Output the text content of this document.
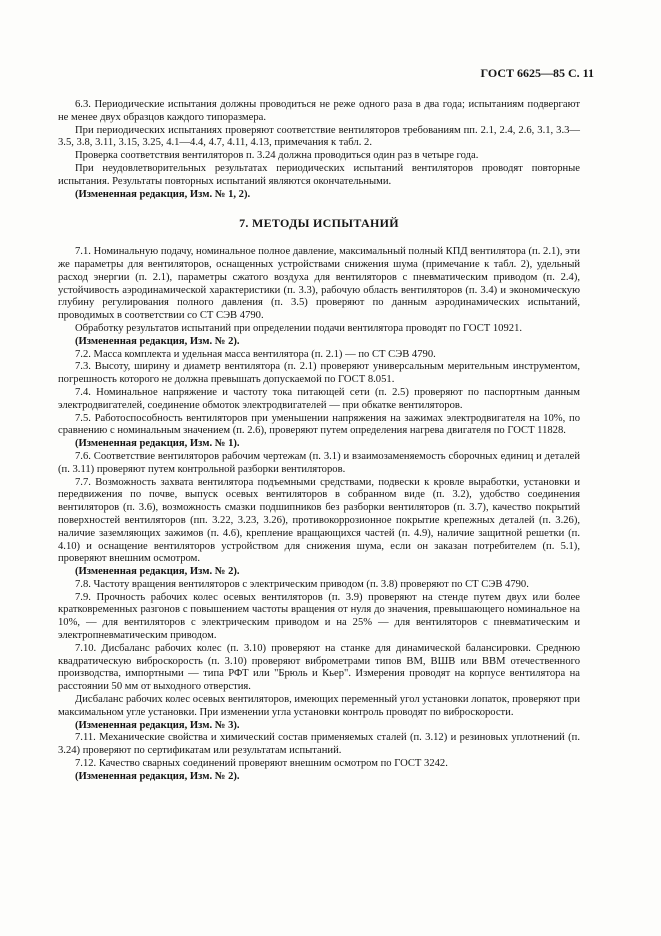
ГОСТ 6625—85 С. 11

6.3. Периодические испытания должны проводиться не реже одного раза в два года; испытаниям подвергают не менее двух образцов каждого типоразмера.

При периодических испытаниях проверяют соответствие вентиляторов требованиям пп. 2.1, 2.4, 2.6, 3.1, 3.3—3.5, 3.8, 3.11, 3.15, 3.25, 4.1—4.4, 4.7, 4.11, 4.13, примечания к табл. 2.

Проверка соответствия вентиляторов п. 3.24 должна проводиться один раз в четыре года.

При неудовлетворительных результатах периодических испытаний вентиляторов проводят повторные испытания. Результаты повторных испытаний являются окончательными.

(Измененная редакция, Изм. № 1, 2).

7. МЕТОДЫ ИСПЫТАНИЙ

7.1. Номинальную подачу, номинальное полное давление, максимальный полный КПД вентилятора (п. 2.1), эти же параметры для вентиляторов, оснащенных устройствами снижения шума (примечание к табл. 2), удельный расход энергии (п. 2.1), параметры сжатого воздуха для вентиляторов с пневматическим приводом (п. 2.4), устойчивость аэродинамической характеристики (п. 3.3), рабочую область вентиляторов (п. 3.4) и экономическую глубину регулирования полного давления (п. 3.5) проверяют по данным аэродинамических испытаний, проводимых в соответствии со СТ СЭВ 4790.

Обработку результатов испытаний при определении подачи вентилятора проводят по ГОСТ 10921.

(Измененная редакция, Изм. № 2).

7.2. Масса комплекта и удельная масса вентилятора (п. 2.1) — по СТ СЭВ 4790.

7.3. Высоту, ширину и диаметр вентилятора (п. 2.1) проверяют универсальным мерительным инструментом, погрешность которого не должна превышать допускаемой по ГОСТ 8.051.

7.4. Номинальное напряжение и частоту тока питающей сети (п. 2.5) проверяют по паспортным данным электродвигателей, соединение обмоток электродвигателей — при обкатке вентиляторов.

7.5. Работоспособность вентиляторов при уменьшении напряжения на зажимах электродвигателя на 10%, по сравнению с номинальным значением (п. 2.6), проверяют путем определения нагрева двигателя по ГОСТ 11828.

(Измененная редакция, Изм. № 1).

7.6. Соответствие вентиляторов рабочим чертежам (п. 3.1) и взаимозаменяемость сборочных единиц и деталей (п. 3.11) проверяют путем контрольной разборки вентиляторов.

7.7. Возможность захвата вентилятора подъемными средствами, подвески к кровле выработки, установки и передвижения по почве, выпуск осевых вентиляторов в собранном виде (п. 3.2), удобство соединения вентиляторов (п. 3.6), возможность смазки подшипников без разборки вентиляторов (п. 3.7), качество покрытий поверхностей вентиляторов (пп. 3.22, 3.23, 3.26), противокоррозионное покрытие крепежных деталей (п. 3.26), наличие заземляющих зажимов (п. 4.6), крепление вращающихся частей (п. 4.9), наличие защитной решетки (п. 4.10) и оснащение вентиляторов устройством для снижения шума, если он заказан потребителем (п. 5.1), проверяют внешним осмотром.

(Измененная редакция, Изм. № 2).

7.8. Частоту вращения вентиляторов с электрическим приводом (п. 3.8) проверяют по СТ СЭВ 4790.

7.9. Прочность рабочих колес осевых вентиляторов (п. 3.9) проверяют на стенде путем двух или более кратковременных разгонов с повышением частоты вращения от нуля до значения, превышающего номинальное на 10%, — для вентиляторов с электрическим приводом и на 25% — для вентиляторов с пневматическим и электропневматическим приводом.

7.10. Дисбаланс рабочих колес (п. 3.10) проверяют на станке для динамической балансировки. Среднюю квадратическую виброскорость (п. 3.10) проверяют виброметрами типов ВМ, ВШВ или ВВМ отечественного производства, импортными — типа РФТ или "Брюль и Кьер". Измерения проводят на корпусе вентилятора на расстоянии 50 мм от выходного отверстия.

Дисбаланс рабочих колес осевых вентиляторов, имеющих переменный угол установки лопаток, проверяют при максимальном угле установки. При изменении угла установки контроль проводят по виброскорости.

(Измененная редакция, Изм. № 3).

7.11. Механические свойства и химический состав применяемых сталей (п. 3.12) и резиновых уплотнений (п. 3.24) проверяют по сертификатам или результатам испытаний.

7.12. Качество сварных соединений проверяют внешним осмотром по ГОСТ 3242.

(Измененная редакция, Изм. № 2).
